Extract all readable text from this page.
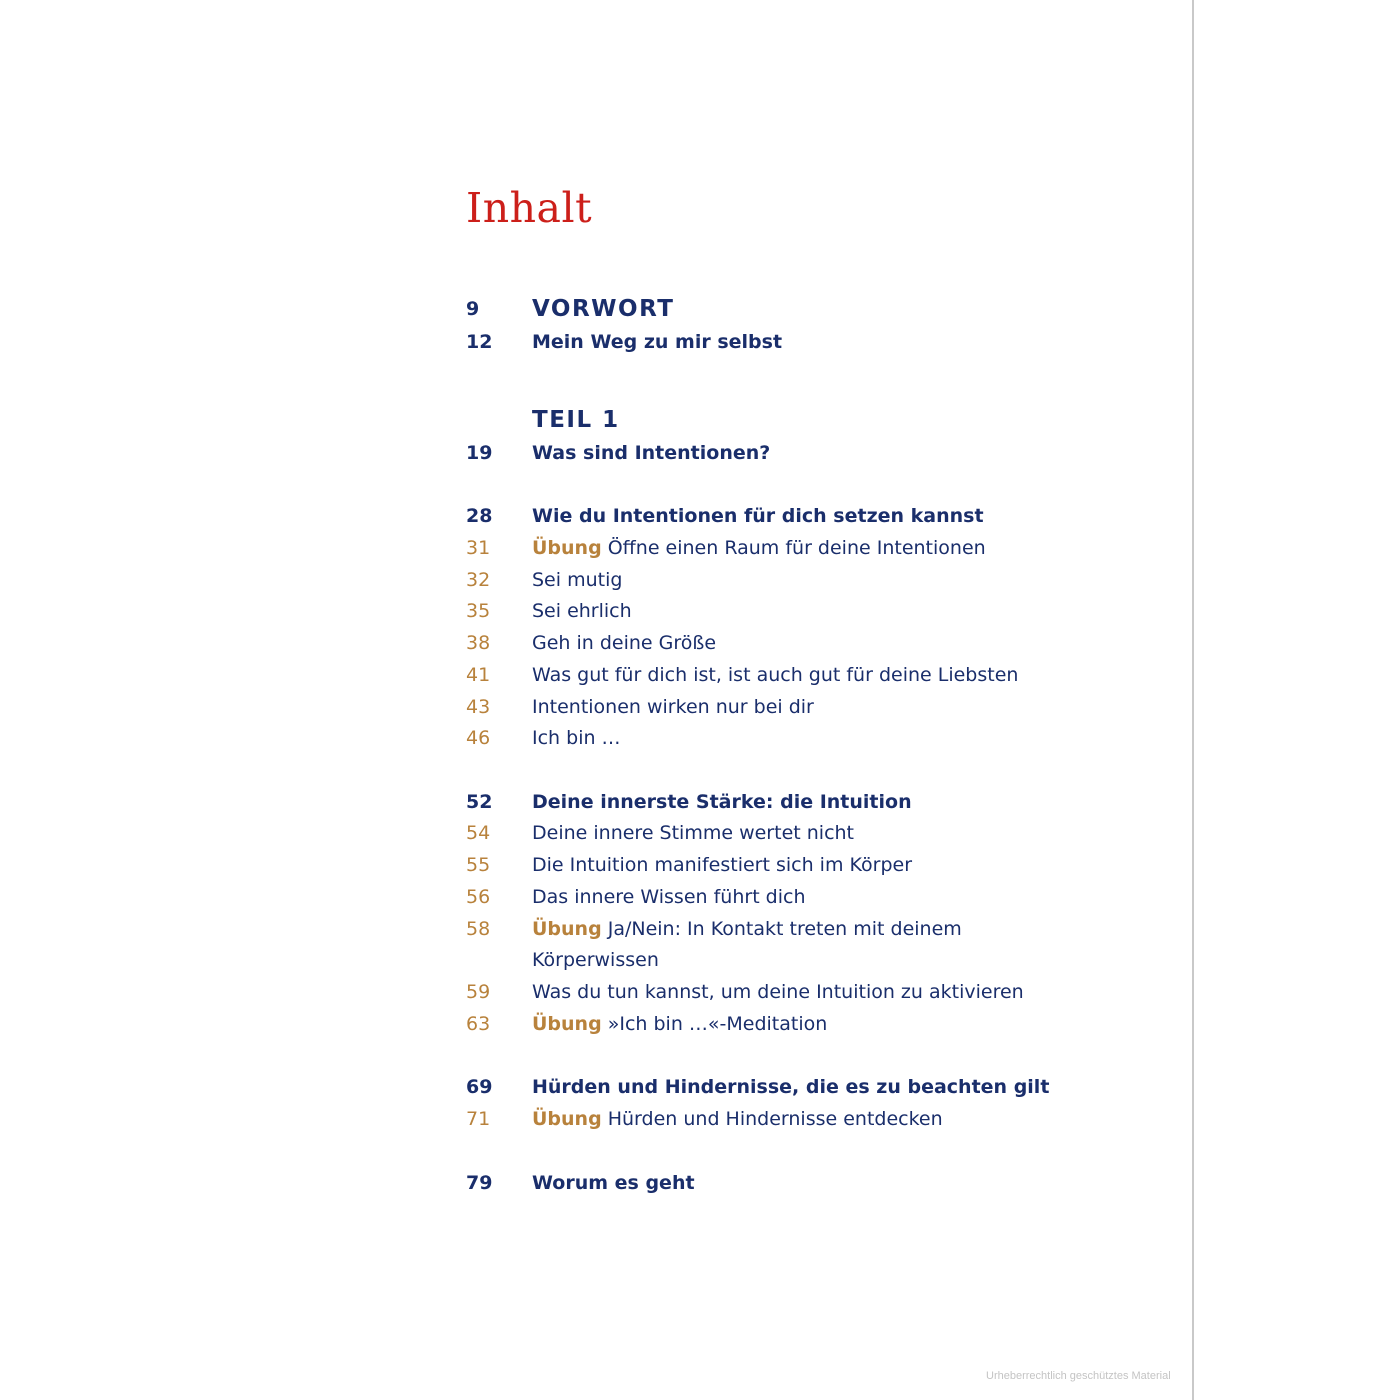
Inhalt
9	VORWORT
12	Mein Weg zu mir selbst
TEIL 1
19	Was sind Intentionen?
28	Wie du Intentionen für dich setzen kannst
31	Übung Öffne einen Raum für deine Intentionen
32	Sei mutig
35	Sei ehrlich
38	Geh in deine Größe
41	Was gut für dich ist, ist auch gut für deine Liebsten
43	Intentionen wirken nur bei dir
46	Ich bin …
52	Deine innerste Stärke: die Intuition
54	Deine innere Stimme wertet nicht
55	Die Intuition manifestiert sich im Körper
56	Das innere Wissen führt dich
58	Übung Ja/Nein: In Kontakt treten mit deinem
Körperwissen
59	Was du tun kannst, um deine Intuition zu aktivieren
63	Übung »Ich bin …«-Meditation
69	Hürden und Hindernisse, die es zu beachten gilt
71	Übung Hürden und Hindernisse entdecken
79	Worum es geht
Urheberrechtlich geschütztes Material
